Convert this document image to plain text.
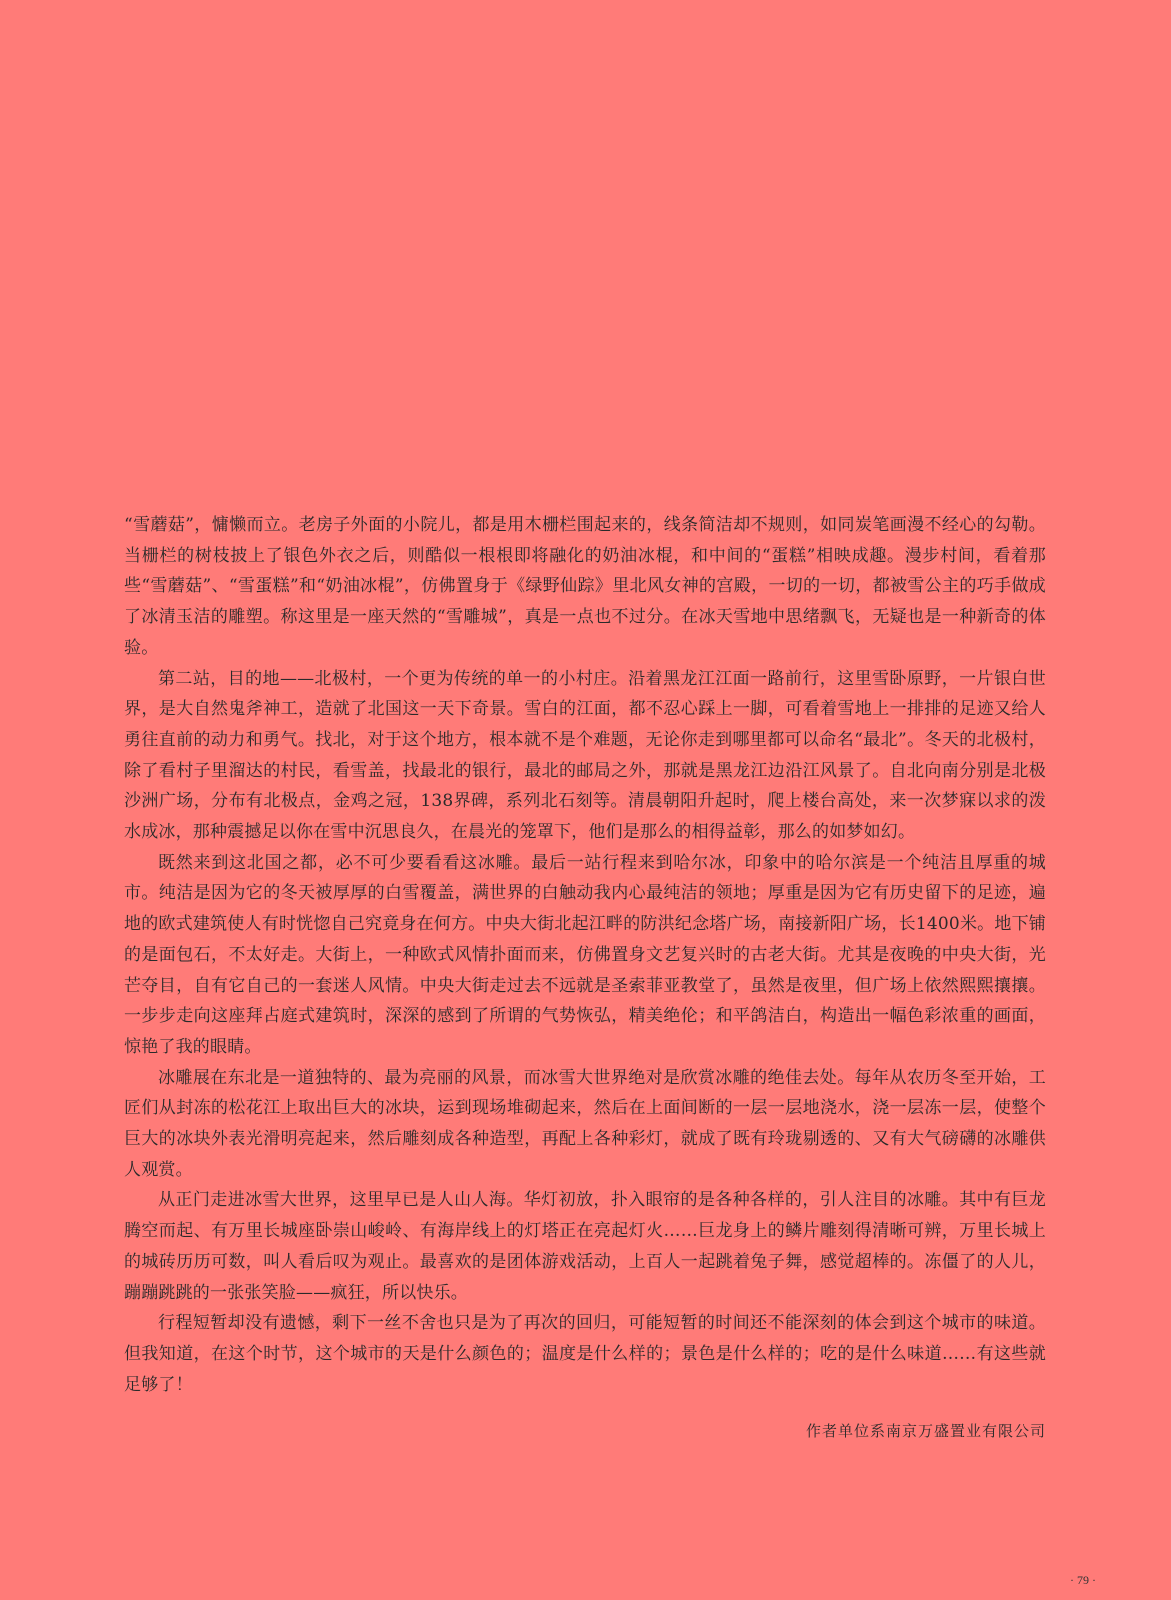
“雪蘑菇”，慵懒而立。老房子外面的小院儿，都是用木栅栏围起来的，线条简洁却不规则，如同炭笔画漫不经心的勾勒。当栅栏的树枝披上了银色外衣之后，则酷似一根根即将融化的奶油冰棍，和中间的“蛋糕”相映成趣。漫步村间，看着那些“雪蘑菇”、“雪蛋糕”和“奶油冰棍”，仿佛置身于《绿野仙踪》里北风女神的宫殿，一切的一切，都被雪公主的巧手做成了冰清玉洁的雕塑。称这里是一座天然的“雪雕城”，真是一点也不过分。在冰天雪地中思绪飘飞，无疑也是一种新奇的体验。

第二站，目的地——北极村，一个更为传统的单一的小村庄。沿着黑龙江江面一路前行，这里雪卧原野，一片银白世界，是大自然鬼斧神工，造就了北国这一天下奇景。雪白的江面，都不忍心踩上一脚，可看着雪地上一排排的足迹又给人勇往直前的动力和勇气。找北，对于这个地方，根本就不是个难题，无论你走到哪里都可以命名“最北”。冬天的北极村，除了看村子里溜达的村民，看雪盖，找最北的银行，最北的邮局之外，那就是黑龙江边沿江风景了。自北向南分别是北极沙洲广场，分布有北极点，金鸡之冠，138界碑，系列北石刻等。清晨朝阳升起时，爬上楼台高处，来一次梦寐以求的泼水成冰，那种震撼足以你在雪中沉思良久，在晨光的笼罩下，他们是那么的相得益彰，那么的如梦如幻。

既然来到这北国之都，必不可少要看看这冰雕。最后一站行程来到哈尔冰，印象中的哈尔滨是一个纯洁且厚重的城市。纯洁是因为它的冬天被厚厚的白雪覆盖，满世界的白触动我内心最纯洁的领地；厚重是因为它有历史留下的足迹，遍地的欧式建筑使人有时恍惚自己究竟身在何方。中央大街北起江畔的防洪纪念塔广场，南接新阳广场，长1400米。地下铺的是面包石，不太好走。大街上，一种欧式风情扑面而来，仿佛置身文艺复兴时的古老大街。尤其是夜晚的中央大街，光芒夺目，自有它自己的一套迷人风情。中央大街走过去不远就是圣索菲亚教堂了，虽然是夜里，但广场上依然熙熙攘攘。一步步走向这座拜占庭式建筑时，深深的感到了所谓的气势恢弘，精美绝伦；和平鸽洁白，构造出一幅色彩浓重的画面，惊艳了我的眼睛。

冰雕展在东北是一道独特的、最为亮丽的风景，而冰雪大世界绝对是欣赏冰雕的绝佳去处。每年从农历冬至开始，工匠们从封冻的松花江上取出巨大的冰块，运到现场堆砌起来，然后在上面间断的一层一层地浇水，浇一层冻一层，使整个巨大的冰块外表光滑明亮起来，然后雕刻成各种造型，再配上各种彩灯，就成了既有玲珑剔透的、又有大气磅礴的冰雕供人观赏。

从正门走进冰雪大世界，这里早已是人山人海。华灯初放，扑入眼帘的是各种各样的，引人注目的冰雕。其中有巨龙腾空而起、有万里长城座卧崇山峻岭、有海岸线上的灯塔正在亮起灯火……巨龙身上的鳞片雕刻得清晰可辨，万里长城上的城砖历历可数，叫人看后叹为观止。最喜欢的是团体游戏活动，上百人一起跳着兔子舞，感觉超棒的。冻僵了的人儿，蹦蹦跳跳的一张张笑脸——疯狂，所以快乐。

行程短暂却没有遗憾，剩下一丝不舍也只是为了再次的回归，可能短暂的时间还不能深刻的体会到这个城市的味道。但我知道，在这个时节，这个城市的天是什么颜色的；温度是什么样的；景色是什么样的；吃的是什么味道……有这些就足够了！

作者单位系南京万盛置业有限公司
· 79 ·
